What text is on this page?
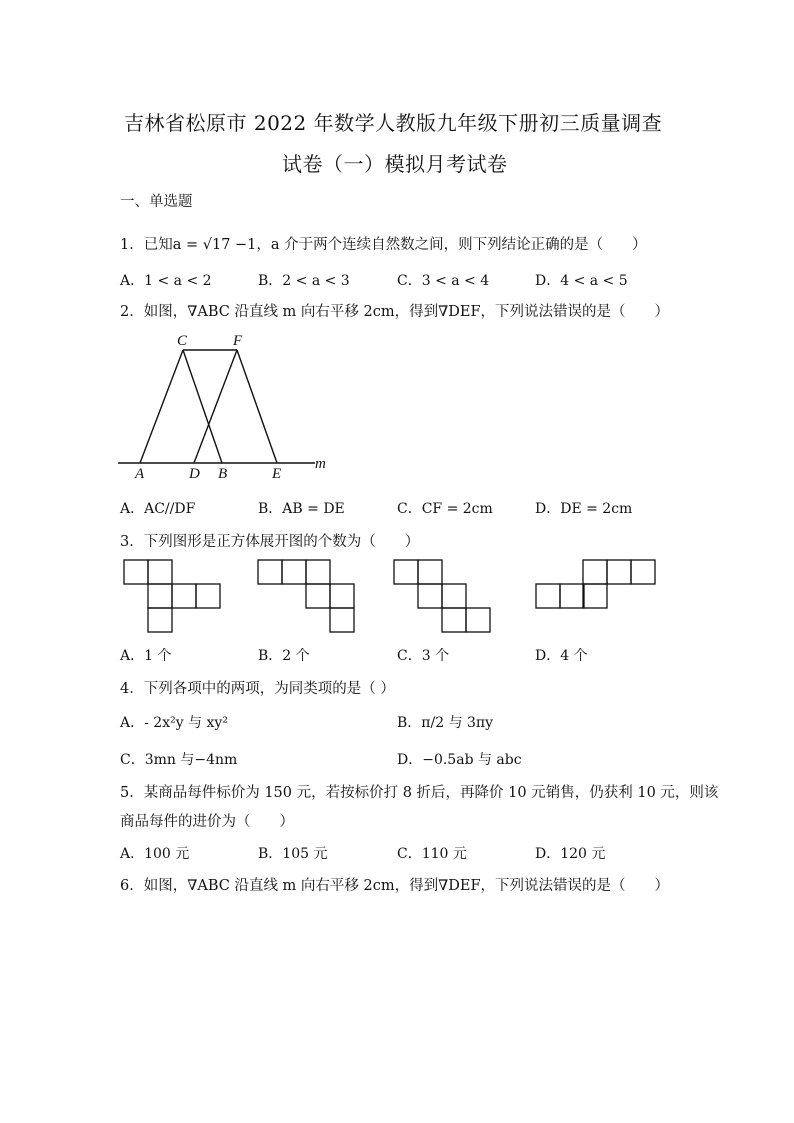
吉林省松原市 2022 年数学人教版九年级下册初三质量调查
试卷（一）模拟月考试卷
一、单选题
1．已知a = √17 −1，a 介于两个连续自然数之间，则下列结论正确的是（　　）
A．1 < a < 2	B．2 < a < 3	C．3 < a < 4	D．4 < a < 5
2．如图，∇ABC 沿直线 m 向右平移 2cm，得到∇DEF，下列说法错误的是（　　）
C	F
A	D B	E
m
A．AC//DF	B．AB = DE	C．CF = 2cm	D．DE = 2cm
3．下列图形是正方体展开图的个数为（　　）
A．1 个	B．2 个	C．3 个	D．4 个
4．下列各项中的两项，为同类项的是（ ）
A．- 2x²y 与 xy²	B．π/2 与 3πy
C．3mn 与−4nm	D．−0.5ab 与 abc
5．某商品每件标价为 150 元，若按标价打 8 折后，再降价 10 元销售，仍获利 10 元，则该
商品每件的进价为（　　）
A．100 元	B．105 元	C．110 元	D．120 元
6．如图，∇ABC 沿直线 m 向右平移 2cm，得到∇DEF，下列说法错误的是（　　）
